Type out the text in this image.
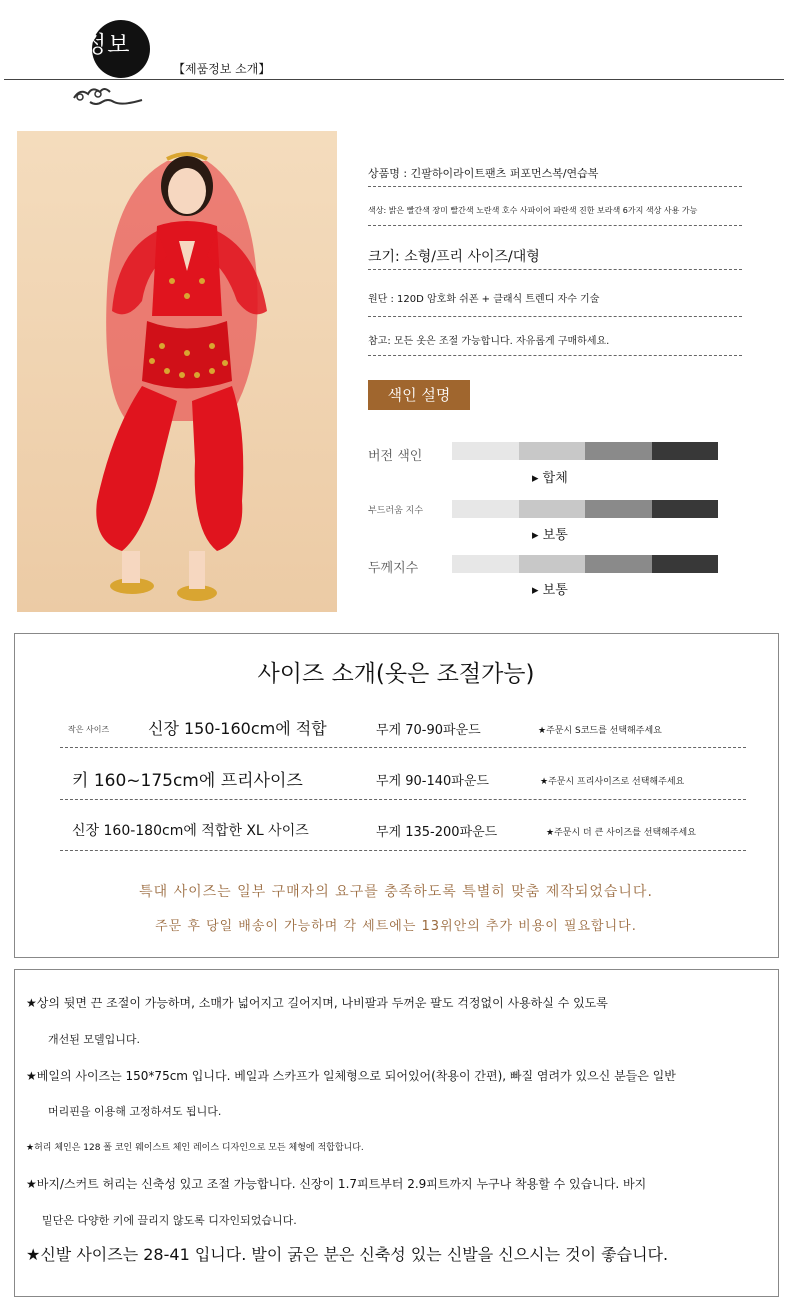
정보
【제품정보 소개】
상품명 : 긴팔하이라이트팬츠 퍼포먼스복/연습복
색상: 밝은 빨간색 장미 빨간색 노란색 호수 사파이어 파란색 진한 보라색 6가지 색상 사용 가능
크기: 소형/프리 사이즈/대형
원단 : 120D 암호화 쉬폰 + 클래식 트렌디 자수 기술
참고: 모든 옷은 조절 가능합니다. 자유롭게 구매하세요.
색인 설명
버전 색인
▸ 합체
부드러움 지수
▸ 보통
두께지수
▸ 보통
사이즈 소개(옷은 조절가능)
작은 사이즈 신장 150-160cm에 적합	무게 70-90파운드	★주문시 S코드를 선택해주세요
키 160~175cm에 프리사이즈	무게 90-140파운드	★주문시 프리사이즈로 선택해주세요
신장 160-180cm에 적합한 XL 사이즈	무게 135-200파운드	★주문시 더 큰 사이즈를 선택해주세요
특대 사이즈는 일부 구매자의 요구를 충족하도록 특별히 맞춤 제작되었습니다.
주문 후 당일 배송이 가능하며 각 세트에는 13위안의 추가 비용이 필요합니다.
★상의 뒷면 끈 조절이 가능하며, 소매가 넓어지고 길어지며, 나비팔과 두꺼운 팔도 걱정없이 사용하실 수 있도록
개선된 모델입니다.
★베일의 사이즈는 150*75cm 입니다. 베일과 스카프가 일체형으로 되어있어(착용이 간편), 빠질 염려가 있으신 분들은 일반
머리핀을 이용해 고정하셔도 됩니다.
★허리 체인은 128 폴 코인 웨이스트 체인 레이스 디자인으로 모든 체형에 적합합니다.
★바지/스커트 허리는 신축성 있고 조절 가능합니다. 신장이 1.7피트부터 2.9피트까지 누구나 착용할 수 있습니다. 바지
밑단은 다양한 키에 끌리지 않도록 디자인되었습니다.
★신발 사이즈는 28-41 입니다. 발이 굵은 분은 신축성 있는 신발을 신으시는 것이 좋습니다.
